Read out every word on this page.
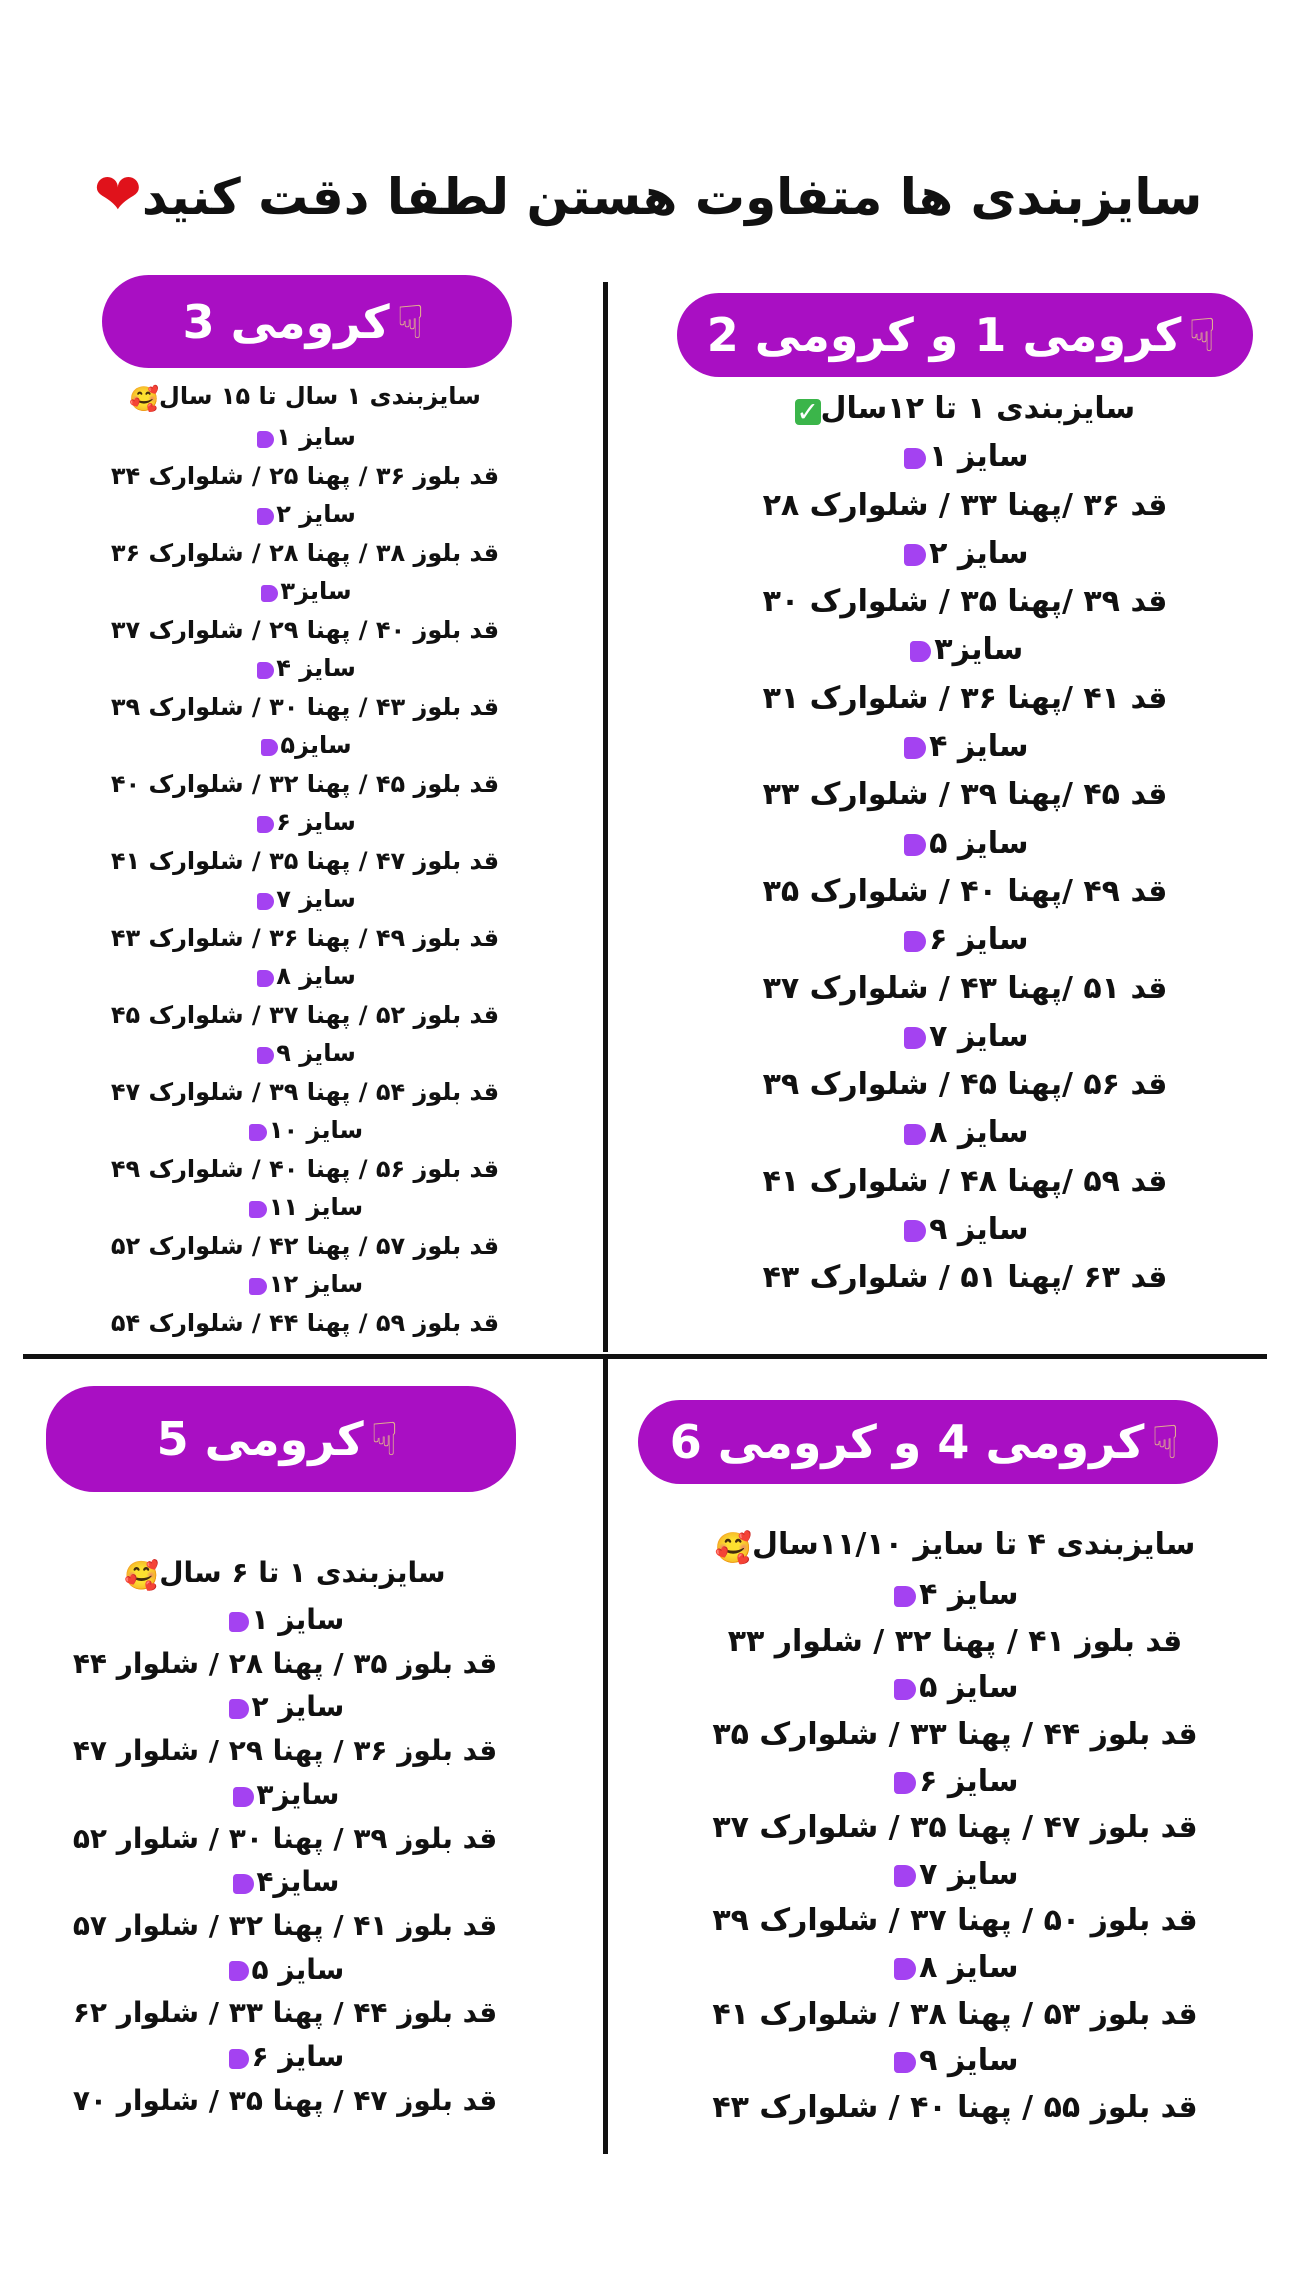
سایزبندی ها متفاوت هستن لطفا دقت کنید❤
☟
کرومی 1 و کرومی 2
☟
کرومی 3
☟
کرومی 4 و کرومی 6
☟
کرومی 5
سایزبندی ۱ تا ۱۲سال✓
سایز ۱
قد ۳۶ /پهنا ۳۳ / شلوارک ۲۸
سایز ۲
قد ۳۹ /پهنا ۳۵ / شلوارک ۳۰
سایز۳
قد ۴۱ /پهنا ۳۶ / شلوارک ۳۱
سایز ۴
قد ۴۵ /پهنا ۳۹ / شلوارک ۳۳
سایز ۵
قد ۴۹ /پهنا ۴۰ / شلوارک ۳۵
سایز ۶
قد ۵۱ /پهنا ۴۳ / شلوارک ۳۷
سایز ۷
قد ۵۶ /پهنا ۴۵ / شلوارک ۳۹
سایز ۸
قد ۵۹ /پهنا ۴۸ / شلوارک ۴۱
سایز ۹
قد ۶۳ /پهنا ۵۱ / شلوارک ۴۳
سایزبندی ۱ سال تا ۱۵ سال🥰
سایز ۱
قد بلوز ۳۶ / پهنا ۲۵ / شلوارک ۳۴
سایز ۲
قد بلوز ۳۸ / پهنا ۲۸ / شلوارک ۳۶
سایز۳
قد بلوز ۴۰ / پهنا ۲۹ / شلوارک ۳۷
سایز ۴
قد بلوز ۴۳ / پهنا ۳۰ / شلوارک ۳۹
سایز۵
قد بلوز ۴۵ / پهنا ۳۲ / شلوارک ۴۰
سایز ۶
قد بلوز ۴۷ / پهنا ۳۵ / شلوارک ۴۱
سایز ۷
قد بلوز ۴۹ / پهنا ۳۶ / شلوارک ۴۳
سایز ۸
قد بلوز ۵۲ / پهنا ۳۷ / شلوارک ۴۵
سایز ۹
قد بلوز ۵۴ / پهنا ۳۹ / شلوارک ۴۷
سایز ۱۰
قد بلوز ۵۶ / پهنا ۴۰ / شلوارک ۴۹
سایز ۱۱
قد بلوز ۵۷ / پهنا ۴۲ / شلوارک ۵۲
سایز ۱۲
قد بلوز ۵۹ / پهنا ۴۴ / شلوارک ۵۴
سایزبندی ۴ تا سایز ۱۱/۱۰سال🥰
سایز ۴
قد بلوز ۴۱ / پهنا ۳۲ / شلوار ۳۳
سایز ۵
قد بلوز ۴۴ / پهنا ۳۳ / شلوارک ۳۵
سایز ۶
قد بلوز ۴۷ / پهنا ۳۵ / شلوارک ۳۷
سایز ۷
قد بلوز ۵۰ / پهنا ۳۷ / شلوارک ۳۹
سایز ۸
قد بلوز ۵۳ / پهنا ۳۸ / شلوارک ۴۱
سایز ۹
قد بلوز ۵۵ / پهنا ۴۰ / شلوارک ۴۳
سایزبندی ۱ تا ۶ سال🥰
سایز ۱
قد بلوز ۳۵ / پهنا ۲۸ / شلوار ۴۴
سایز ۲
قد بلوز ۳۶ / پهنا ۲۹ / شلوار ۴۷
سایز۳
قد بلوز ۳۹ / پهنا ۳۰ / شلوار ۵۲
سایز۴
قد بلوز ۴۱ / پهنا ۳۲ / شلوار ۵۷
سایز ۵
قد بلوز ۴۴ / پهنا ۳۳ / شلوار ۶۲
سایز ۶
قد بلوز ۴۷ / پهنا ۳۵ / شلوار ۷۰
